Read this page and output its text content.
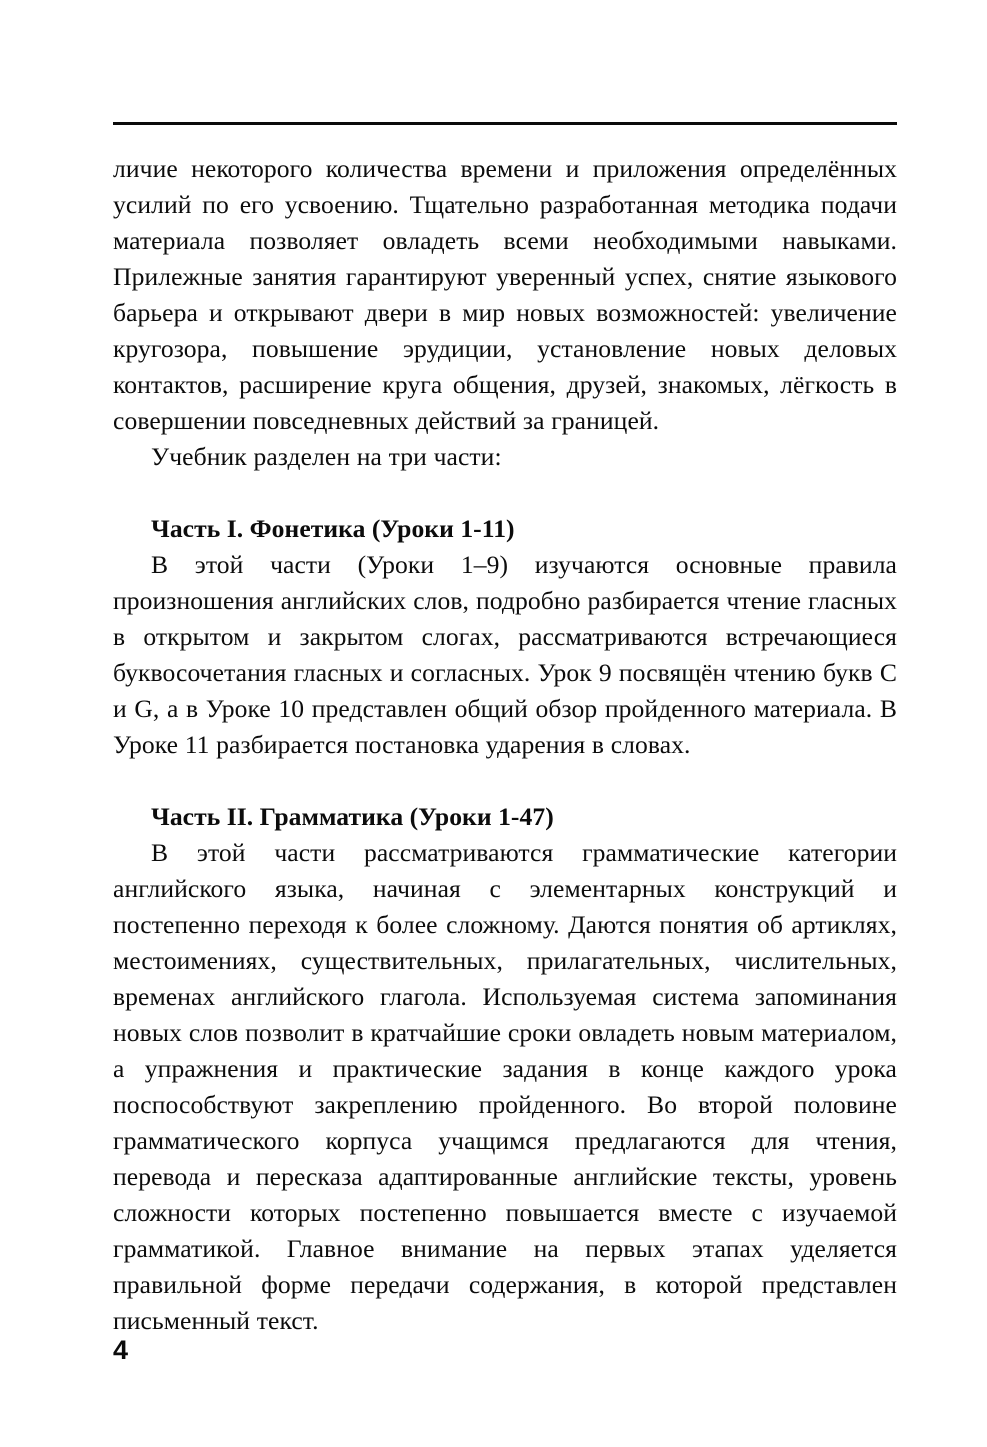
личие некоторого количества времени и приложения определённых усилий по его усвоению. Тщательно разработанная методика подачи материала позволяет овладеть всеми необходимыми навыками. Прилежные занятия гарантируют уверенный успех, снятие языкового барьера и открывают двери в мир новых возможностей: увеличение кругозора, повышение эрудиции, установление новых деловых контактов, расширение круга общения, друзей, знакомых, лёгкость в совершении повседневных действий за границей.

Учебник разделен на три части:

Часть I. Фонетика (Уроки 1-11)

В этой части (Уроки 1–9) изучаются основные правила произношения английских слов, подробно разбирается чтение гласных в открытом и закрытом слогах, рассматриваются встречающиеся буквосочетания гласных и согласных. Урок 9 посвящён чтению букв C и G, а в Уроке 10 представлен общий обзор пройденного материала. В Уроке 11 разбирается постановка ударения в словах.

Часть II. Грамматика (Уроки 1-47)

В этой части рассматриваются грамматические категории английского языка, начиная с элементарных конструкций и постепенно переходя к более сложному. Даются понятия об артиклях, местоимениях, существительных, прилагательных, числительных, временах английского глагола. Используемая система запоминания новых слов позволит в кратчайшие сроки овладеть новым материалом, а упражнения и практические задания в конце каждого урока поспособствуют закреплению пройденного. Во второй половине грамматического корпуса учащимся предлагаются для чтения, перевода и пересказа адаптированные английские тексты, уровень сложности которых постепенно повышается вместе с изучаемой грамматикой. Главное внимание на первых этапах уделяется правильной форме передачи содержания, в которой представлен письменный текст.

4
